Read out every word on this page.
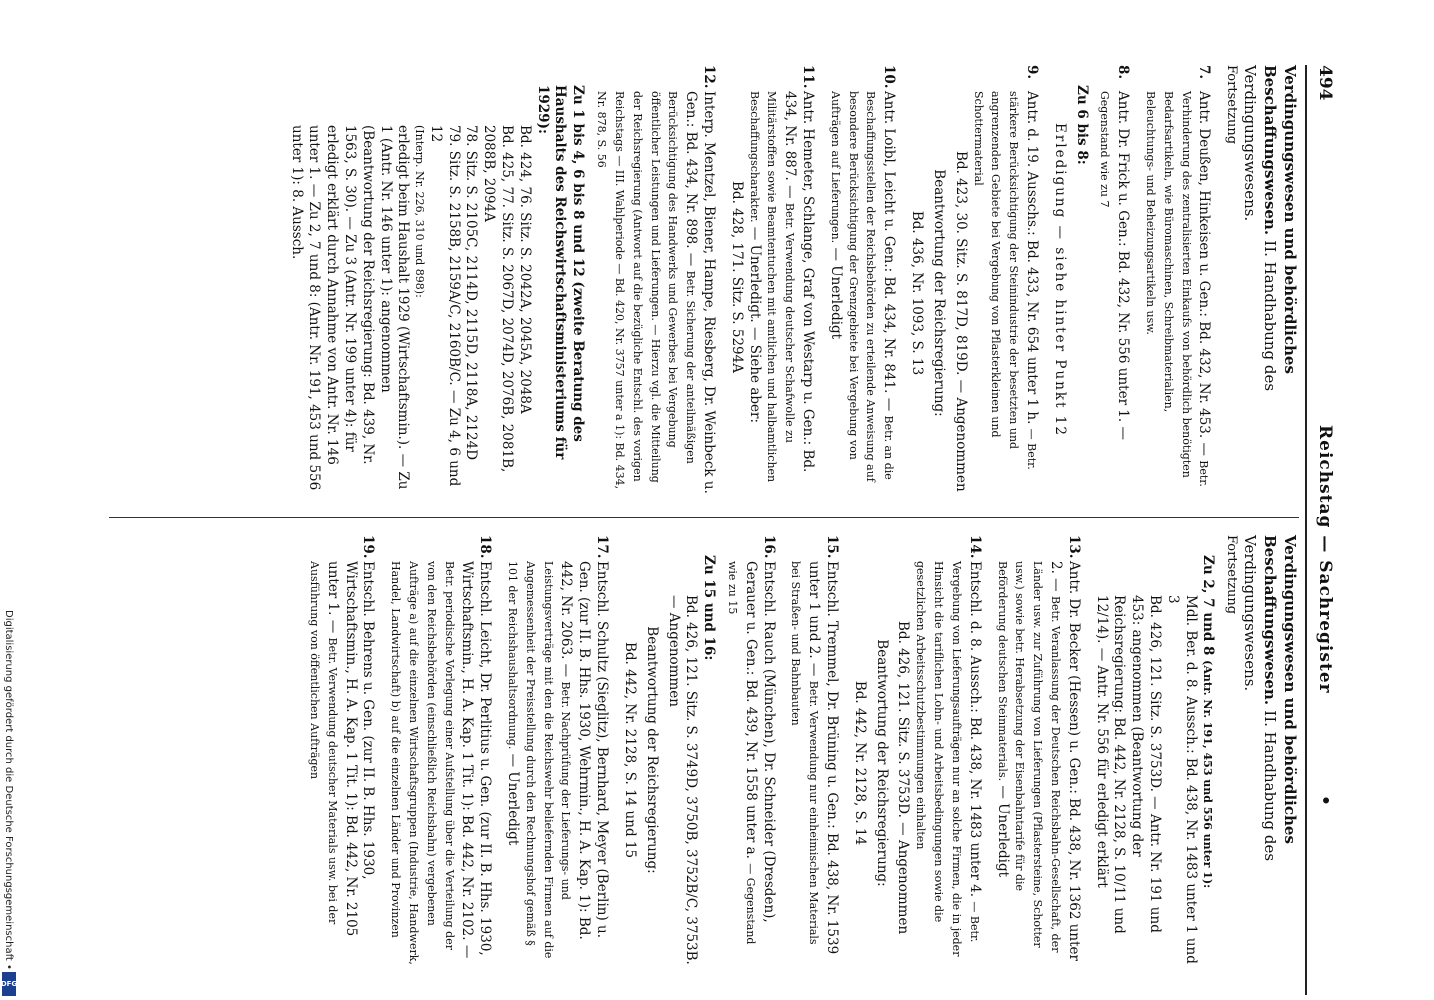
494
Reichstag — Sachregister
•
Verdingungswesen und behördliches Beschaffungswesen. II. Handhabung des Verdingungswesens.
Fortsetzung
7.
Antr. Deußen, Hinkeisen u. Gen.: Bd. 432, Nr. 453. — Betr. Verhinderung des zentralisierten Einkaufs von behördlich benötigten Bedarfsartikeln, wie Büromaschinen, Schreibmaterialien, Beleuchtungs- und Beheizungsartikeln usw.
8.
Antr. Dr. Frick u. Gen.: Bd. 432, Nr. 556 unter 1. — Gegenstand wie zu 7
Zu 6 bis 8:
Erledigung — siehe hinter Punkt 12
9.
Antr. d. 19. Ausschs.: Bd. 433, Nr. 654 unter 1 h. — Betr. stärkere Berücksichtigung der Steinindustrie der besetzten und angrenzenden Gebiete bei Vergebung von Pflasterkleinen und Schottermaterial
Bd. 423, 30. Sitz. S. 817D, 819D. — Angenommen
Beantwortung der Reichsregierung:
Bd. 436, Nr. 1093, S. 13
10.
Antr. Loibl, Leicht u. Gen.: Bd. 434, Nr. 841. — Betr. an die Beschaffungsstellen der Reichsbehörden zu erteilende Anweisung auf besondere Berücksichtigung der Grenzgebiete bei Vergebung von Aufträgen auf Lieferungen. — Unerledigt
11.
Antr. Hemeter, Schlange, Graf von Westarp u. Gen.: Bd. 434, Nr. 887. — Betr. Verwendung deutscher Schafwolle zu Militärstoffen sowie Beamtentuchen mit amtlichen und halbamtlichen Beschaffungscharakter. — Unerledigt. — Siehe aber:
Bd. 428, 171. Sitz. S. 5294A
12.
Interp. Mentzel, Biener, Hampe, Riesberg, Dr. Weinbeck u. Gen.: Bd. 434, Nr. 898. — Betr. Sicherung der anteilmäßigen Berücksichtigung des Handwerks und Gewerbes bei Vergebung öffentlicher Leistungen und Lieferungen. — Hierzu vgl. die Mitteilung der Reichsregierung (Antwort auf die bezügliche Entschl. des vorigen Reichstags — III. Wahlperiode — Bd. 420, Nr. 3757 unter a 1): Bd. 434, Nr. 878, S. 56
Zu 1 bis 4, 6 bis 8 und 12 (zweite Beratung des Haushalts des Reichswirtschaftsministeriums für 1929):
Bd. 424, 76. Sitz. S. 2042A, 2045A, 2048A
Bd. 425, 77. Sitz. S. 2067D, 2074D, 2076B, 2081B, 2088B, 2094A
78. Sitz. S. 2105C, 2114D, 2115D, 2118A, 2124D
79. Sitz. S. 2158B, 2159A/C, 2160B/C. — Zu 4, 6 und 12
(Interp. Nr. 226, 310 und 898):
erledigt beim Haushalt 1929 (Wirtschaftsmin.). — Zu 1 (Antr. Nr. 146 unter 1): angenommen (Beantwortung der Reichsregierung: Bd. 439, Nr. 1563, S. 30). — Zu 3 (Antr. Nr. 199 unter 4): für erledigt erklärt durch Annahme von Antr. Nr. 146 unter 1. — Zu 2, 7 und 8: (Antr. Nr. 191, 453 und 556 unter 1): 8. Aussch.
Verdingungswesen und behördliches Beschaffungswesen. II. Handhabung des Verdingungswesens.
Fortsetzung
Zu 2, 7 und 8 (Antr. Nr. 191, 453 und 556 unter 1):
Mdl. Ber. d. 8. Aussch.: Bd. 438, Nr. 1483 unter 1 und 3
Bd. 426, 121. Sitz. S. 3753D. — Antr. Nr. 191 und 453: angenommen (Beantwortung der Reichsregierung: Bd. 442, Nr. 2128, S. 10/11 und 12/14). — Antr. Nr. 556 für erledigt erklärt
13.
Antr. Dr. Becker (Hessen) u. Gen.: Bd. 438, Nr. 1362 unter 2. — Betr. Veranlassung der Deutschen Reichsbahn-Gesellschaft, der Länder usw. zur Zuführung von Lieferungen (Pflastersteine, Schotter usw.) sowie betr. Herabsetzung der Eisenbahntarife für die Beförderung deutschen Steinmaterials. — Unerledigt
14.
Entschl. d. 8. Aussch.: Bd. 438, Nr. 1483 unter 4. — Betr. Vergebung von Lieferungsaufträgen nur an solche Firmen, die in jeder Hinsicht die tariflichen Lohn- und Arbeitsbedingungen sowie die gesetzlichen Arbeitsschutzbestimmungen einhalten
Bd. 426, 121. Sitz. S. 3753D. — Angenommen
Beantwortung der Reichsregierung:
Bd. 442, Nr. 2128, S. 14
15.
Entschl. Tremmel, Dr. Brüning u. Gen.: Bd. 438, Nr. 1539 unter 1 und 2. — Betr. Verwendung nur einheimischen Materials bei Straßen- und Bahnbauten
16.
Entschl. Rauch (München), Dr. Schneider (Dresden), Gerauer u. Gen.: Bd. 439, Nr. 1558 unter a. — Gegenstand wie zu 15
Zu 15 und 16:
Bd. 426, 121. Sitz. S. 3749D, 3750B, 3752B/C, 3753B. — Angenommen
Beantwortung der Reichsregierung:
Bd. 442, Nr. 2128, S. 14 und 15
17.
Entschl. Schultz (Sieglitz), Bernhard, Meyer (Berlin) u. Gen. (zur II. B. Hhs. 1930, Wehrmin., H. A. Kap. 1): Bd. 442, Nr. 2063. — Betr. Nachprüfung der Lieferungs- und Leistungsverträge mit den die Reichswehr beliefernden Firmen auf die Angemessenheit der Preisstellung durch den Rechnungshof gemäß § 101 der Reichshaushaltsordnung. — Unerledigt
18.
Entschl. Leicht, Dr. Perlitius u. Gen. (zur II. B. Hhs. 1930, Wirtschaftsmin., H. A. Kap. 1 Tit. 1): Bd. 442, Nr. 2102. — Betr. periodische Vorlegung einer Aufstellung über die Verteilung der von den Reichsbehörden (einschließlich Reichsbahn) vergebenen Aufträge a) auf die einzelnen Wirtschaftsgruppen (Industrie, Handwerk, Handel, Landwirtschaft) b) auf die einzelnen Länder und Provinzen
19.
Entschl. Behrens u. Gen. (zur II. B. Hhs. 1930, Wirtschaftsmin., H. A. Kap. 1 Tit. 1): Bd. 442, Nr. 2105 unter 1. — Betr. Verwendung deutscher Materials usw. bei der Ausführung von öffentlichen Aufträgen
Digitalisierung gefördert durch die Deutsche Forschungsgemeinschaft •
DFG
